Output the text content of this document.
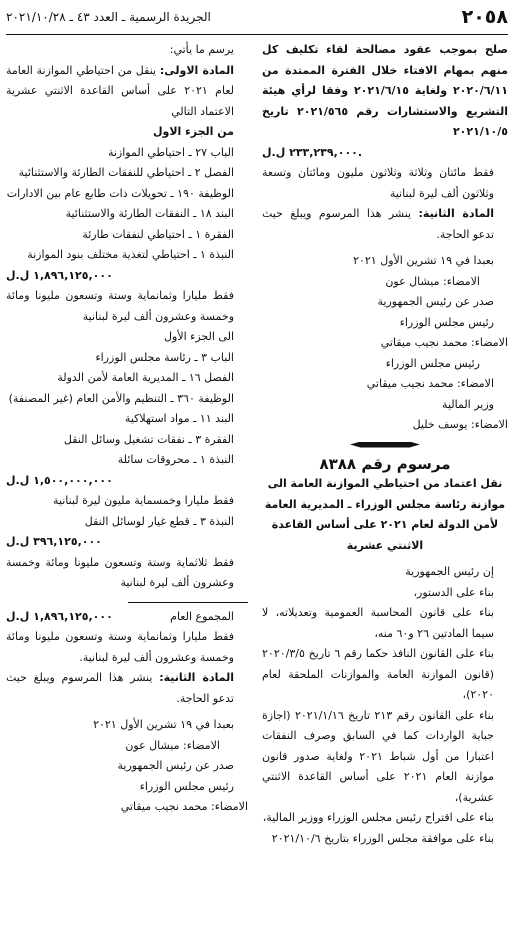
٢٠٥٨
الجريدة الرسمية ـ العدد ٤٣ ـ ٢٠٢١/١٠/٢٨

صلح بموجب عقود مصالحة لقاء تكليف كل منهم بمهام الافتاء خلال الفترة الممتدة من ٢٠٢٠/٦/١١ ولغاية ٢٠٢١/٦/١٥ وفقا لرأي هيئة التشريع والاستشارات رقم ٢٠٢١/٥٦٥ تاريخ ٢٠٢١/١٠/٥

٢٣٣,٢٣٩,٠٠٠ ل.ل.

فقط مائتان وثلاثة وثلاثون مليون ومائتان وتسعة وثلاثون ألف ليرة لبنانية

المادة الثانية: ينشر هذا المرسوم ويبلغ حيث تدعو الحاجة.

بعبدا في ١٩ تشرين الأول ٢٠٢١

الامضاء: ميشال عون

صدر عن رئيس الجمهورية

رئيس مجلس الوزراء

الامضاء: محمد نجيب ميقاتي

رئيس مجلس الوزراء

الامضاء: محمد نجيب ميقاتي

وزير المالية

الامضاء: يوسف خليل

مرسوم رقم ٨٣٨٨
نقل اعتماد من احتياطي الموازنة العامة الى موازنة رئاسة مجلس الوزراء ـ المديرية العامة لأمن الدولة لعام ٢٠٢١ على أساس القاعدة الاثنتي عشرية

إن رئيس الجمهورية

بناء على الدستور،

بناء على قانون المحاسبة العمومية وتعديلاته، لا سيما المادتين ٢٦ و٦٠ منه،

بناء على القانون النافذ حكما رقم ٦ تاريخ ٢٠٢٠/٣/٥ (قانون الموازنة العامة والموازنات الملحقة لعام ٢٠٢٠)،

بناء على القانون رقم ٢١٣ تاريخ ٢٠٢١/١/١٦ (اجازة جباية الواردات كما في السابق وصرف النفقات اعتبارا من أول شباط ٢٠٢١ ولغاية صدور قانون موازنة العام ٢٠٢١ على أساس القاعدة الاثنتي عشرية)،

بناء على اقتراح رئيس مجلس الوزراء ووزير المالية،

بناء على موافقة مجلس الوزراء بتاريخ ٢٠٢١/١٠/٦

يرسم ما يأتي:

المادة الاولى: ينقل من احتياطي الموازنة العامة لعام ٢٠٢١ على أساس القاعدة الاثنتي عشرية الاعتماد التالي

من الجزء الاول

الباب ٢٧ ـ احتياطي الموازنة

الفصل ٢ ـ احتياطي للنفقات الطارئة والاستثنائية

الوظيفة ١٩٠ ـ تحويلات ذات طابع عام بين الادارات

البند ١٨ ـ النفقات الطارئة والاستثنائية

الفقرة ١ ـ احتياطي لنفقات طارئة

النبذة ١ ـ احتياطي لتغذية مختلف بنود الموازنة

١,٨٩٦,١٢٥,٠٠٠ ل.ل

فقط مليارا وثمانماية وستة وتسعون مليونا ومائة وخمسة وعشرون ألف ليرة لبنانية

الى الجزء الأول

الباب ٣ ـ رئاسة مجلس الوزراء

الفصل ١٦ ـ المديرية العامة لأمن الدولة

الوظيفة ٣٦٠ ـ التنظيم والأمن العام (غير المصنفة)

البند ١١ ـ مواد استهلاكية

الفقرة ٣ ـ نفقات تشغيل وسائل النقل

النبذة ١ ـ محروقات سائلة

١,٥٠٠,٠٠٠,٠٠٠ ل.ل

فقط مليارا وخمسماية مليون ليرة لبنانية

النبذة ٣ ـ قطع غيار لوسائل النقل

٣٩٦,١٢٥,٠٠٠ ل.ل

فقط ثلاثماية وستة وتسعون مليونا ومائة وخمسة وعشرون ألف ليرة لبنانية

المجموع العام
١,٨٩٦,١٢٥,٠٠٠ ل.ل

فقط مليارا وثمانماية وستة وتسعون مليونا ومائة وخمسة وعشرون ألف ليرة لبنانية.

المادة الثانية: ينشر هذا المرسوم ويبلغ حيث تدعو الحاجة.

بعبدا في ١٩ تشرين الأول ٢٠٢١

الامضاء: ميشال عون

صدر عن رئيس الجمهورية

رئيس مجلس الوزراء

الامضاء: محمد نجيب ميقاتي
